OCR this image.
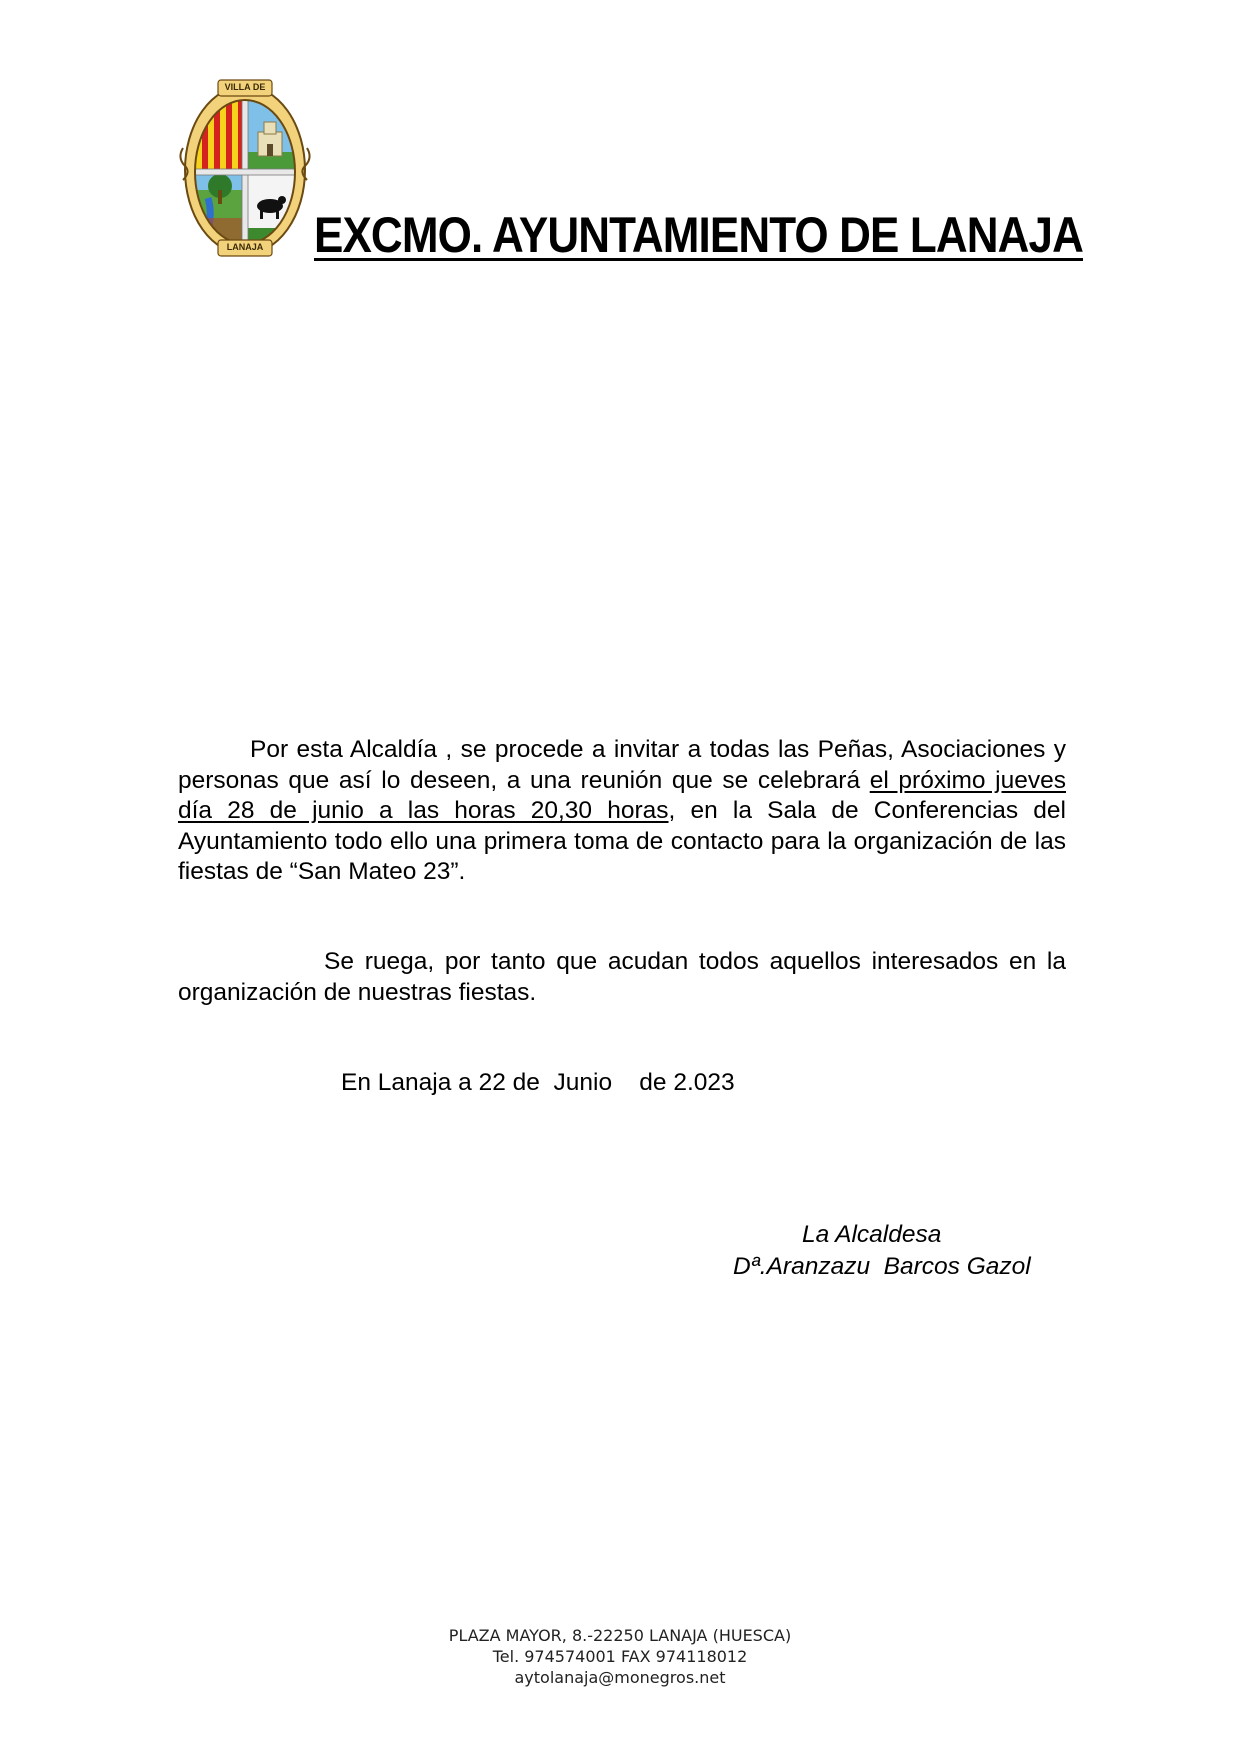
VILLA DE
LANAJA EXCMO. AYUNTAMIENTO DE LANAJA
Por esta Alcaldía , se procede a invitar a todas las Peñas, Asociaciones y personas que así lo deseen, a una reunión que se celebrará el próximo jueves día 28 de junio a las horas 20,30 horas, en la Sala de Conferencias del Ayuntamiento todo ello una primera toma de contacto para la organización de las fiestas de “San Mateo 23”.
Se ruega, por tanto que acudan todos aquellos interesados en la organización de nuestras fiestas.
En Lanaja a 22 de  Junio    de 2.023
La Alcaldesa
Dª.Aranzazu  Barcos Gazol
PLAZA MAYOR, 8.-22250 LANAJA (HUESCA)
Tel. 974574001 FAX 974118012
aytolanaja@monegros.net
